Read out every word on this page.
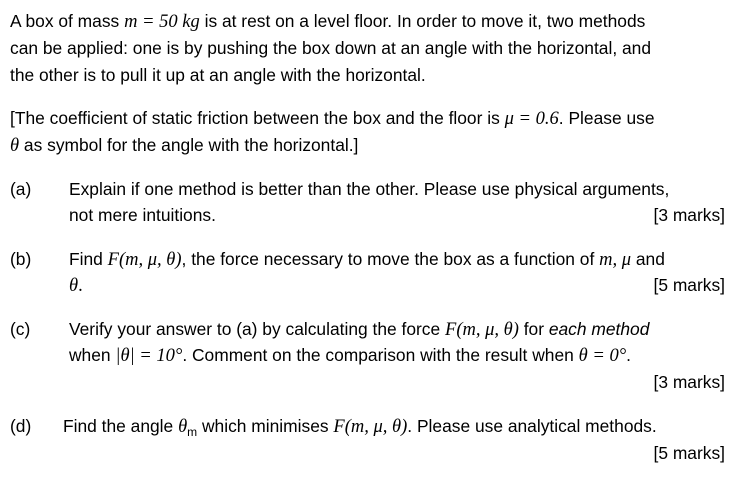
A box of mass m = 50 kg is at rest on a level floor. In order to move it, two methods
can be applied: one is by pushing the box down at an angle with the horizontal, and
the other is to pull it up at an angle with the horizontal.
[The coefficient of static friction between the box and the floor is μ = 0.6. Please use
θ as symbol for the angle with the horizontal.]
(a) Explain if one method is better than the other. Please use physical arguments,
not mere intuitions.	[3 marks]
(b) Find F(m, μ, θ), the force necessary to move the box as a function of m, μ and
θ.	[5 marks]
(c) Verify your answer to (a) by calculating the force F(m, μ, θ) for each method
when |θ| = 10°. Comment on the comparison with the result when θ = 0°.
[3 marks]
(d) Find the angle $\theta_m$ which minimises F(m, μ, θ). Please use analytical methods.
[5 marks]
